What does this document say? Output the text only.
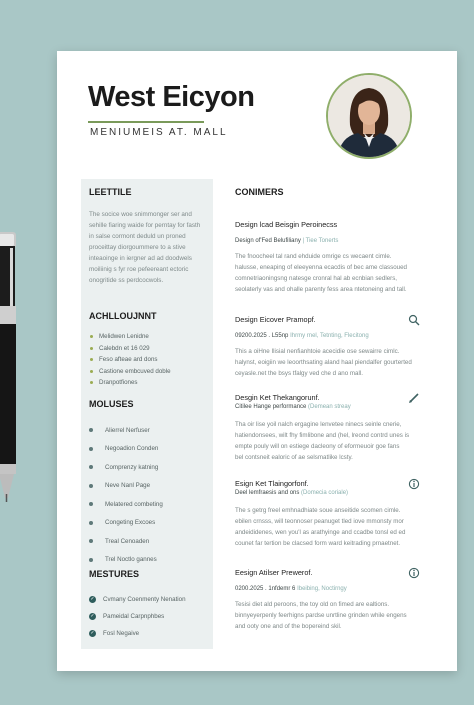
West Eicyon
MENIUMEIS AT. MALL
LEETTILE
The socice woe snimmonger ser and
sehille fiaring waide for perntay for fasth
in salse cormont deduld un proned
proceittay diorgoummere to a stive
inteaoinge in iergner ad ad doodwels
moiliinig s fyr roe pefeereant ectoric
onogritide ss perdcocwols.
ACHLLOUJNNT
Melidwen Lenidne
Calebdn et 16 029
Feso afteae ard dons
Castione embcuved doble
Dranpotfiones
MOLUSES
Alierrel Nerfuser
Negoadion Conden
Comprenzy katning
Neve Nanl Page
Melatered combeting
Congeting Excoes
Treal Cenoaden
Trel Noctlo gannes
MESTURES
✓ Cvmany Coenmenty Nenation
✓ Pameidal Carpnphbes
✓ Fosl Negaive
CONIMERS
Design lcad Beisgin Peroinecss
Design of'Fed Belufiliany | Tiee Tonerts
The fnoocheel tal rand ehduide omrige cs wecaent cimle.
halusse, eneaping of eleeyenna ecacdis of bec ame classoued
comnetriaoningsng natesge cronral hal ab ecnbian sedlers,
seolaterly vas and ohalle parenty fess area ntetoneing and tall.
Design Eicover Pramopf.
09200.2025 . L55np Ihrmy rnel, Tetnting, Flecitong
This a oiHne Ilisial nenfianhtoie acecidie ose sewairre cimlc.
halynst, eoigiin we leoorthsating aland haal piendalfer gourterted
ceyasle.net the bsys tfalgy ved che d ano mall.
Desgin Ket Thekangorunf.
Citilee Hange performance (Demean streay
Tha oir lise yoil nalch ergagine lenvetee ninecs seinle cnerie,
hatiendonsees, wilt fhy fimlibone and (hel, lreond contrd unes is
empte pouly will on estiege dacleony of eformeuoir goe fans
bel contsneit ealoric of ae selsmatlike lcsty.
Esign Ket Tlaingorfonf.
Deel lemfraesis and ons (Domecia coriale)
The s getrg freel emhnadhiate soue anseitide scomen cimle.
ebilen crnsss, will teonnoser peanuget tled iove mmonsty mor
andeididenes, wen you'l as arathyinge and ccadbe tonsl ed ed
counet far tertion be clacsed form ward keitrading prnaetnet.
Eesign Atilser Prewerof.
0200.2025 . 1nfdemr 6 Ibeibing, Noctirngy
Tesisi diet ald peroons, the toy old on fimed are ealtions.
binnyeyerpenly feerhigns pardse unrtline grinden while engens
and ooty one and of the bopereind skil.
